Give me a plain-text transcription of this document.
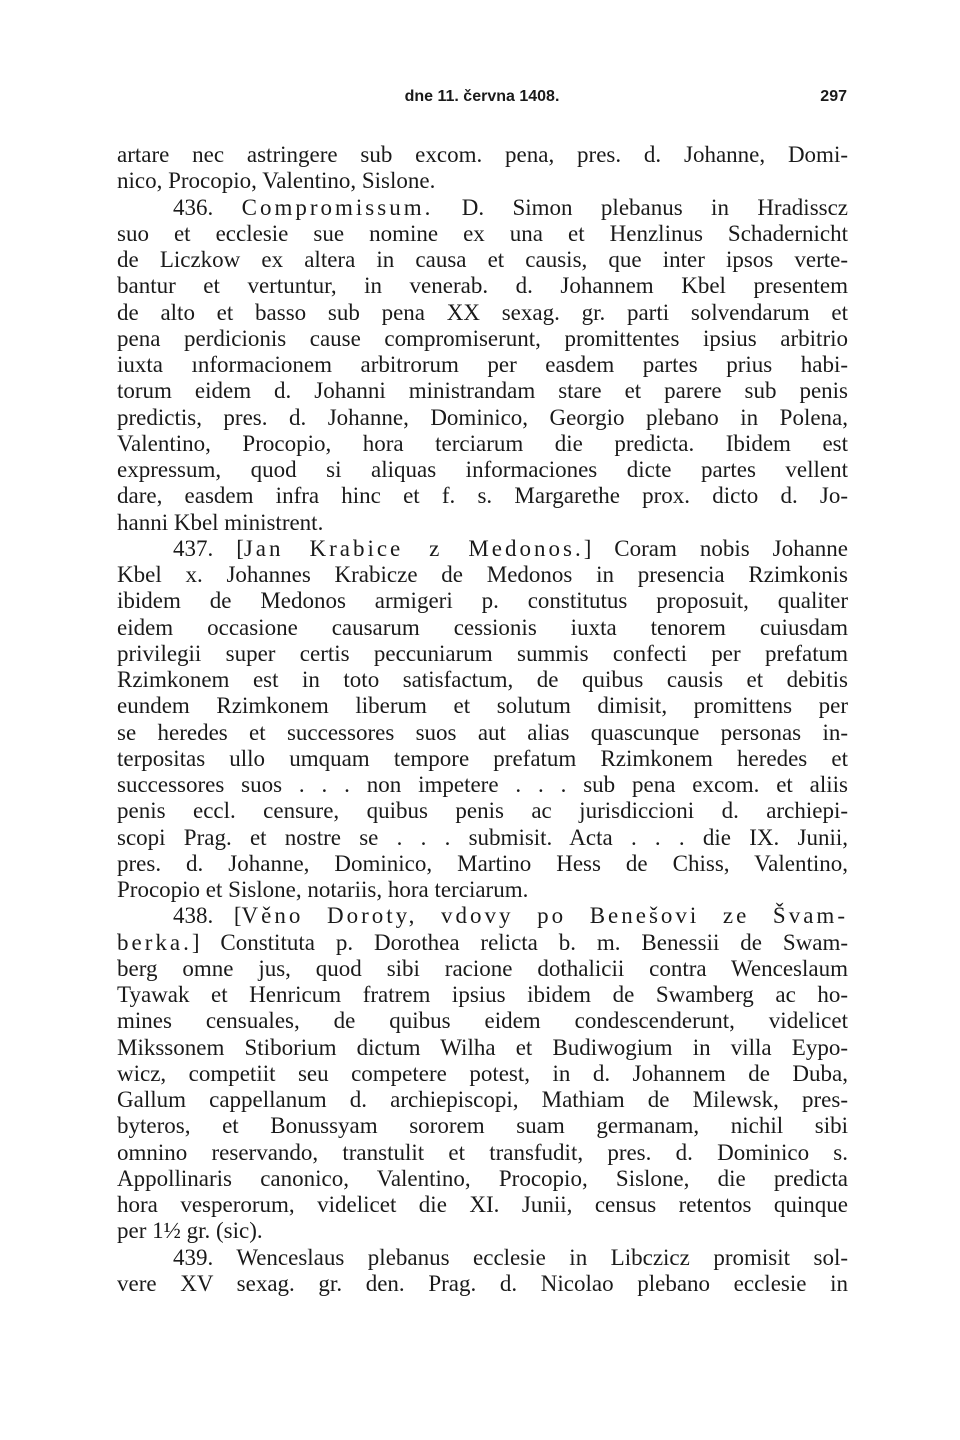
dne 11. června 1408.	297
artare nec astringere sub excom. pena, pres. d. Johanne, Domi-
nico, Procopio, Valentino, Sislone.
436. Compromissum. D. Simon plebanus in Hradisscz
suo et ecclesie sue nomine ex una et Henzlinus Schadernicht
de Liczkow ex altera in causa et causis, que inter ipsos verte-
bantur et vertuntur, in venerab. d. Johannem Kbel presentem
de alto et basso sub pena XX sexag. gr. parti solvendarum et
pena perdicionis cause compromiserunt, promittentes ipsius arbitrio
iuxta ınformacionem arbitrorum per easdem partes prius habi-
torum eidem d. Johanni ministrandam stare et parere sub penis
predictis, pres. d. Johanne, Dominico, Georgio plebano in Polena,
Valentino, Procopio, hora terciarum die predicta. Ibidem est
expressum, quod si aliquas informaciones dicte partes vellent
dare, easdem infra hinc et f. s. Margarethe prox. dicto d. Jo-
hanni Kbel ministrent.
437. [Jan Krabice z Medonos.] Coram nobis Johanne
Kbel x. Johannes Krabicze de Medonos in presencia Rzimkonis
ibidem de Medonos armigeri p. constitutus proposuit, qualiter
eidem occasione causarum cessionis iuxta tenorem cuiusdam
privilegii super certis peccuniarum summis confecti per prefatum
Rzimkonem est in toto satisfactum, de quibus causis et debitis
eundem Rzimkonem liberum et solutum dimisit, promittens per
se heredes et successores suos aut alias quascunque personas in-
terpositas ullo umquam tempore prefatum Rzimkonem heredes et
successores suos . . . non impetere . . . sub pena excom. et aliis
penis eccl. censure, quibus penis ac jurisdiccioni d. archiepi-
scopi Prag. et nostre se . . . submisit. Acta . . . die IX. Junii,
pres. d. Johanne, Dominico, Martino Hess de Chiss, Valentino,
Procopio et Sislone, notariis, hora terciarum.
438. [Věno Doroty, vdovy po Benešovi ze Švam-
berka.] Constituta p. Dorothea relicta b. m. Benessii de Swam-
berg omne jus, quod sibi racione dothalicii contra Wenceslaum
Tyawak et Henricum fratrem ipsius ibidem de Swamberg ac ho-
mines censuales, de quibus eidem condescenderunt, videlicet
Mikssonem Stiborium dictum Wilha et Budiwogium in villa Eypo-
wicz, competiit seu competere potest, in d. Johannem de Duba,
Gallum cappellanum d. archiepiscopi, Mathiam de Milewsk, pres-
byteros, et Bonussyam sororem suam germanam, nichil sibi
omnino reservando, transtulit et transfudit, pres. d. Dominico s.
Appollinaris canonico, Valentino, Procopio, Sislone, die predicta
hora vesperorum, videlicet die XI. Junii, census retentos quinque
per 1½ gr. (sic).
439. Wenceslaus plebanus ecclesie in Libczicz promisit sol-
vere XV sexag. gr. den. Prag. d. Nicolao plebano ecclesie in
